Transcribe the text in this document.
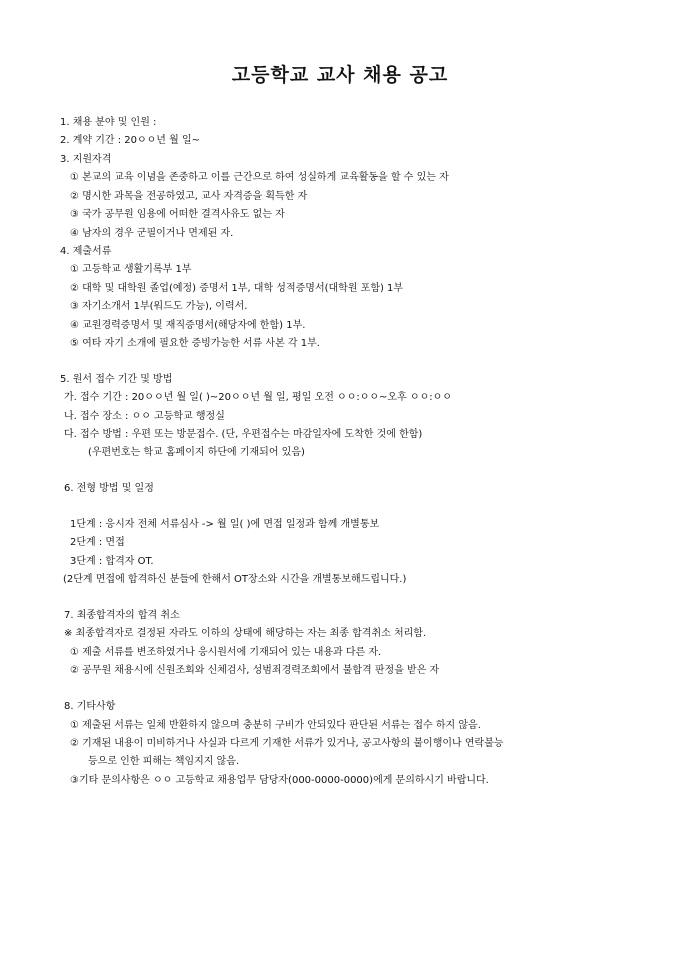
고등학교 교사 채용 공고
1. 채용 분야 및 인원 :
2. 계약 기간 : 20ㅇㅇ년 월 일~
3. 지원자격
① 본교의 교육 이념을 존중하고 이를 근간으로 하여 성실하게 교육활동을 할 수 있는 자
② 명시한 과목을 전공하였고, 교사 자격증을 획득한 자
③ 국가 공무원 임용에 어떠한 결격사유도 없는 자
④ 남자의 경우 군필이거나 면제된 자.
4. 제출서류
① 고등학교 생활기록부 1부
② 대학 및 대학원 졸업(예정) 증명서 1부, 대학 성적증명서(대학원 포함) 1부
③ 자기소개서 1부(워드도 가능), 이력서.
④ 교원경력증명서 및 재직증명서(해당자에 한함) 1부.
⑤ 여타 자기 소개에 필요한 증빙가능한 서류 사본 각 1부.
5. 원서 접수 기간 및 방법
가. 접수 기간 : 20ㅇㅇ년 월 일( )~20ㅇㅇ년 월 일, 평일 오전 ㅇㅇ:ㅇㅇ~오후 ㅇㅇ:ㅇㅇ
나. 접수 장소 : ㅇㅇ 고등학교 행정실
다. 접수 방법 : 우편 또는 방문접수. (단, 우편접수는 마감일자에 도착한 것에 한함)
(우편번호는 학교 홈페이지 하단에 기재되어 있음)
6. 전형 방법 및 일정
1단계 : 응시자 전체 서류심사 -> 월 일( )에 면접 일정과 함께 개별통보
2단계 : 면접
3단계 : 합격자 OT.
(2단계 면접에 합격하신 분들에 한해서 OT장소와 시간을 개별통보해드립니다.)
7. 최종합격자의 합격 취소
※ 최종합격자로 결정된 자라도 이하의 상태에 해당하는 자는 최종 합격취소 처리함.
① 제출 서류를 변조하였거나 응시원서에 기재되어 있는 내용과 다른 자.
② 공무원 채용시에 신원조회와 신체검사, 성범죄경력조회에서 불합격 판정을 받은 자
8. 기타사항
① 제출된 서류는 일체 반환하지 않으며 충분히 구비가 안되있다 판단된 서류는 접수 하지 않음.
② 기재된 내용이 미비하거나 사실과 다르게 기재한 서류가 있거나, 공고사항의 불이행이나 연락불능
등으로 인한 피해는 책임지지 않음.
③기타 문의사항은 ㅇㅇ 고등학교 채용업무 담당자(000-0000-0000)에게 문의하시기 바랍니다.
